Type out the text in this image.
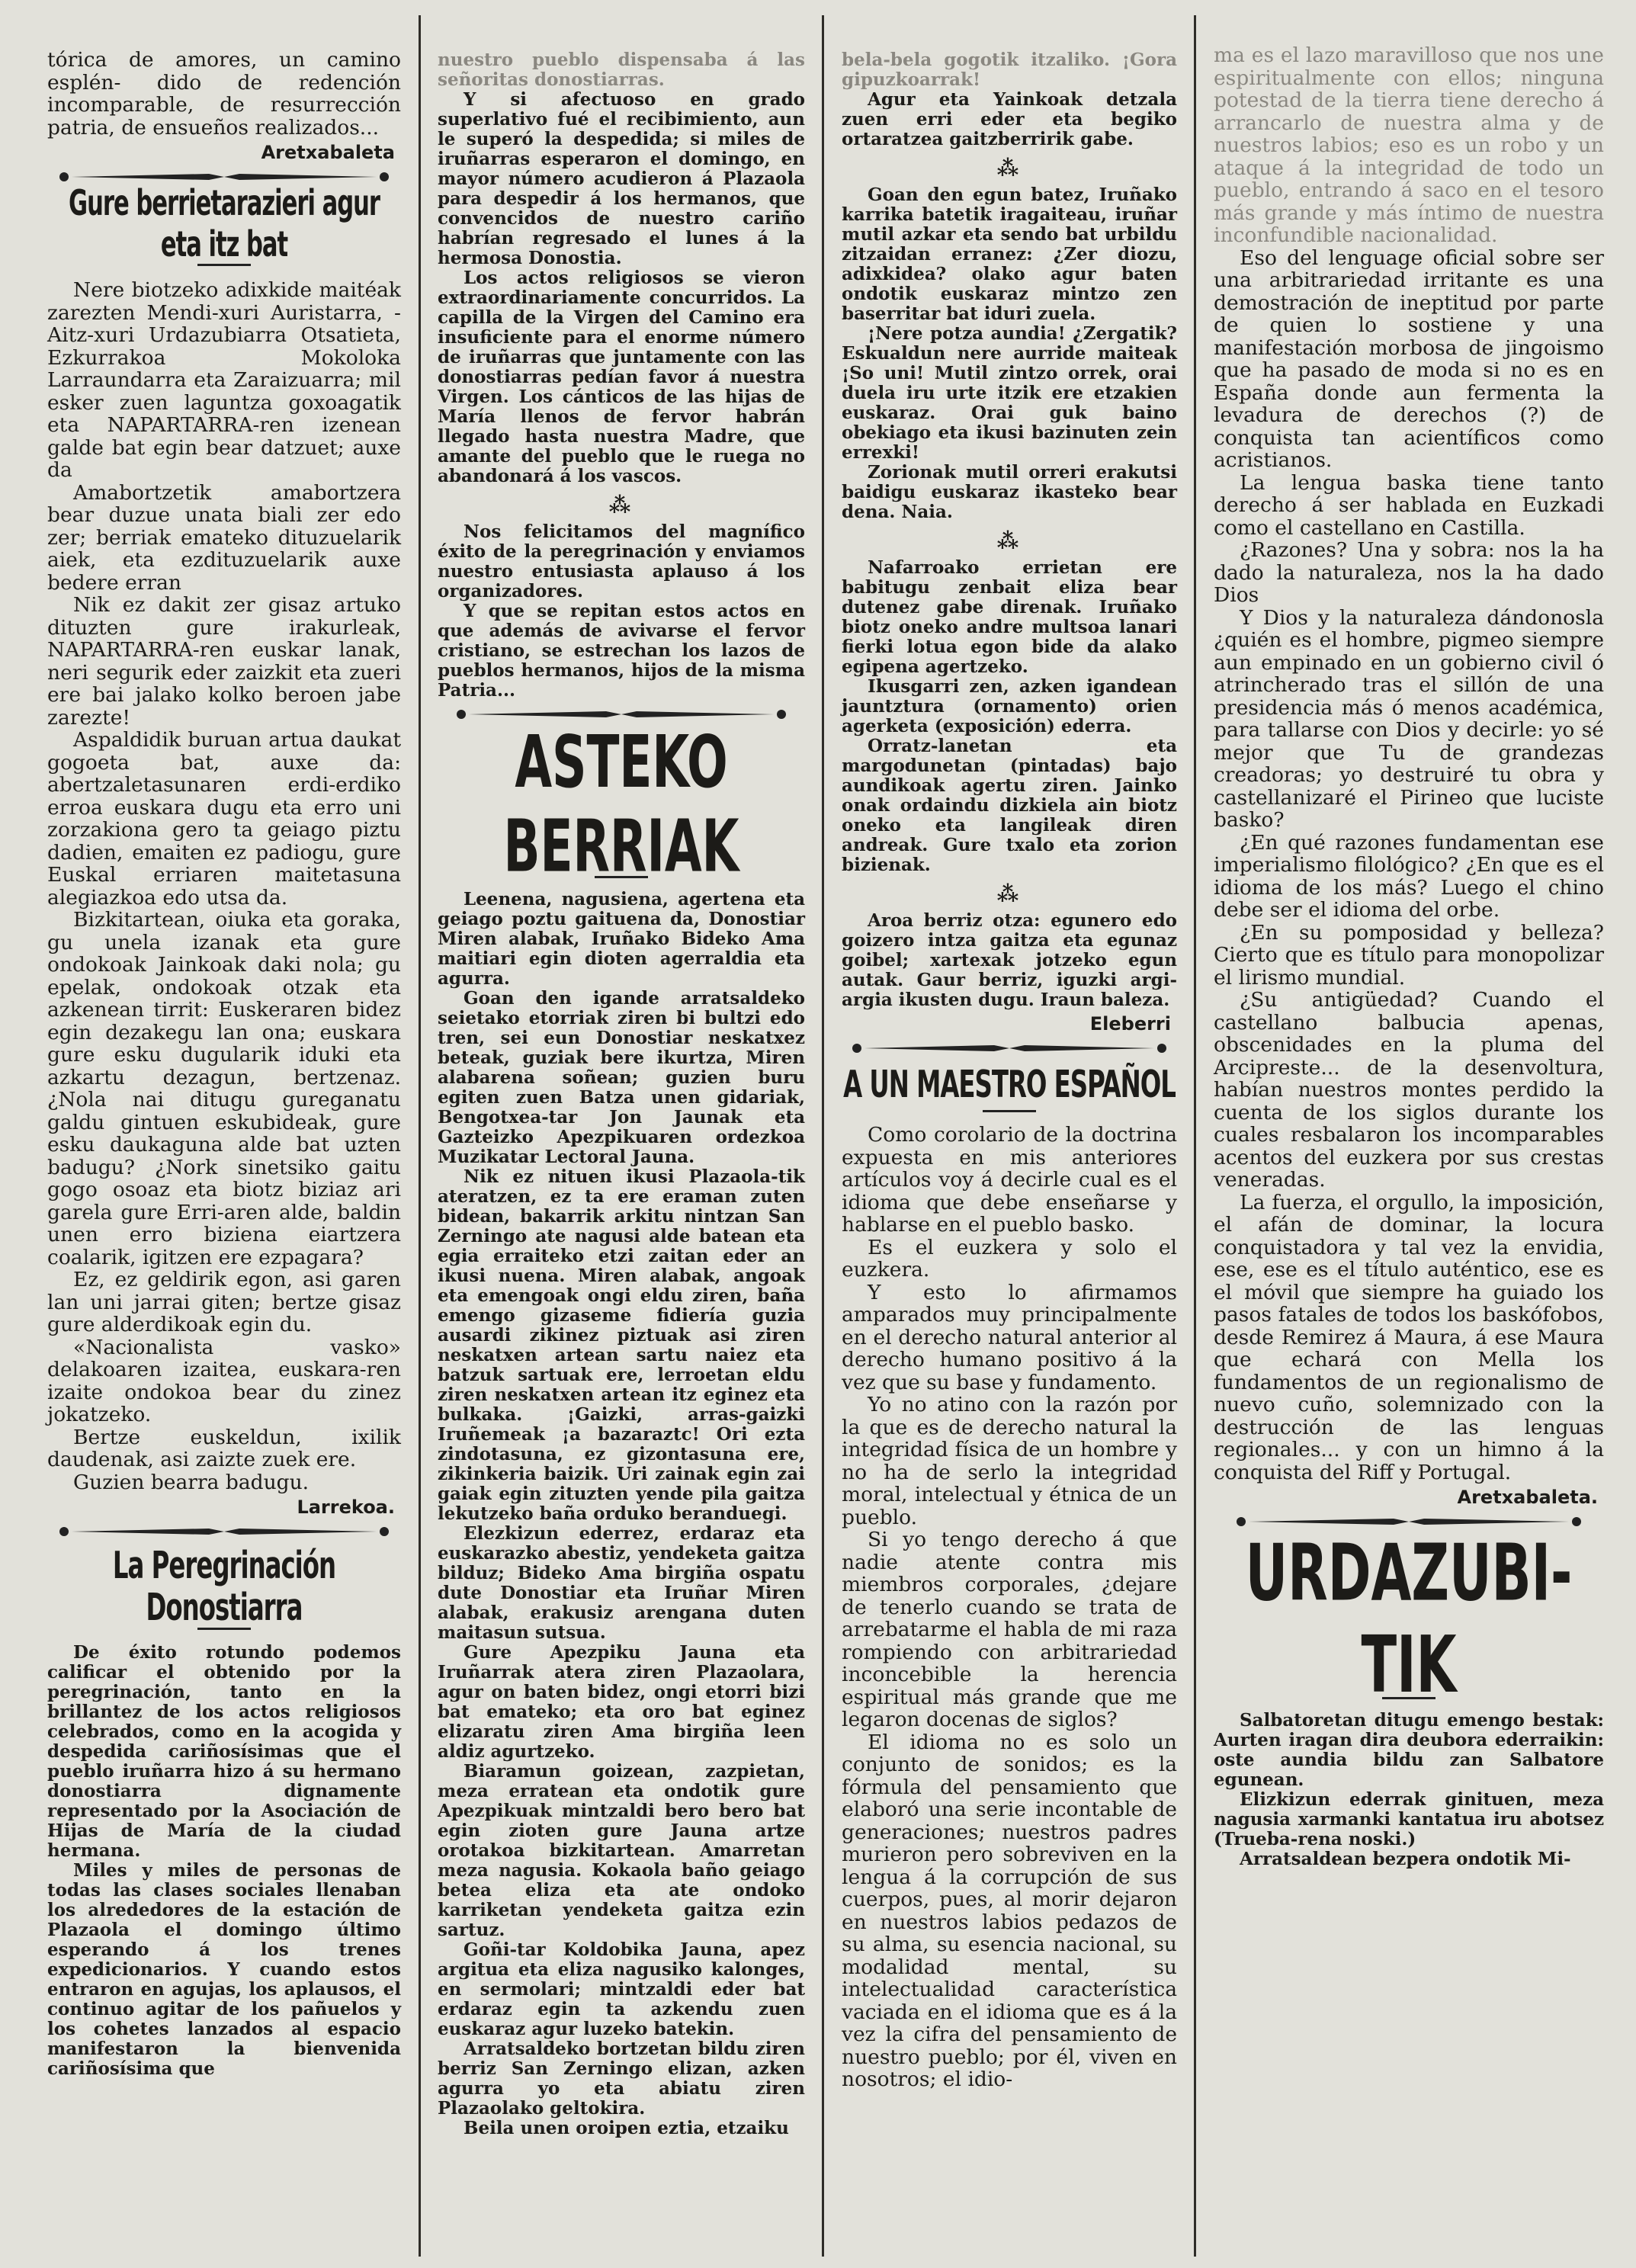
tórica de amores, un camino esplén- dido de redención incomparable, de resurrección patria, de ensueños realizados...

Aretxabaleta
Gure berrietarazieri agur eta itz bat

Nere biotzeko adixkide maitéak zarezten Mendi-xuri Auristarra, -Aitz-xuri Urdazubiarra Otsatieta, Ezkurrakoa Mokoloka Larraundarra eta Zaraizuarra; mil esker zuen laguntza goxoagatik eta NAPARTARRA-ren izenean galde bat egin bear datzuet; auxe da

Amabortzetik amabortzera bear duzue unata biali zer edo zer; berriak emateko dituzuelarik aiek, eta ezdituzuelarik auxe bedere erran

Nik ez dakit zer gisaz artuko dituzten gure irakurleak, NAPARTARRA-ren euskar lanak, neri segurik eder zaizkit eta zueri ere bai jalako kolko beroen jabe zarezte!

Aspaldidik buruan artua daukat gogoeta bat, auxe da: abertzaletasunaren erdi-erdiko erroa euskara dugu eta erro uni zorzakiona gero ta geiago piztu dadien, emaiten ez padiogu, gure Euskal erriaren maitetasuna alegiazkoa edo utsa da.

Bizkitartean, oiuka eta goraka, gu unela izanak eta gure ondokoak Jainkoak daki nola; gu epelak, ondokoak otzak eta azkenean tirrit: Euskeraren bidez egin dezakegu lan ona; euskara gure esku dugularik iduki eta azkartu dezagun, bertzenaz. ¿Nola nai ditugu gureganatu galdu gintuen eskubideak, gure esku daukaguna alde bat uzten badugu? ¿Nork sinetsiko gaitu gogo osoaz eta biotz biziaz ari garela gure Erri-aren alde, baldin unen erro biziena eiartzera coalarik, igitzen ere ezpagara?

Ez, ez geldirik egon, asi garen lan uni jarrai giten; bertze gisaz gure alderdikoak egin du.

«Nacionalista vasko» delakoaren izaitea, euskara-ren izaite ondokoa bear du zinez jokatzeko.

Bertze euskeldun, ixilik daudenak, asi zaizte zuek ere.

Guzien bearra badugu.

Larrekoa.
La Peregrinación Donostiarra

De éxito rotundo podemos calificar el obtenido por la peregrinación, tanto en la brillantez de los actos religiosos celebrados, como en la acogida y despedida cariñosísimas que el pueblo iruñarra hizo á su hermano donostiarra dignamente representado por la Asociación de Hijas de María de la ciudad hermana.

Miles y miles de personas de todas las clases sociales llenaban los alrededores de la estación de Plazaola el domingo último esperando á los trenes expedicionarios. Y cuando estos entraron en agujas, los aplausos, el continuo agitar de los pañuelos y los cohetes lanzados al espacio manifestaron la bienvenida cariñosísima que

nuestro pueblo dispensaba á las señoritas donostiarras.

Y si afectuoso en grado superlativo fué el recibimiento, aun le superó la despedida; si miles de iruñarras esperaron el domingo, en mayor número acudieron á Plazaola para despedir á los hermanos, que convencidos de nuestro cariño habrían regresado el lunes á la hermosa Donostia.

Los actos religiosos se vieron extraordinariamente concurridos. La capilla de la Virgen del Camino era insuficiente para el enorme número de iruñarras que juntamente con las donostiarras pedían favor á nuestra Virgen. Los cánticos de las hijas de María llenos de fervor habrán llegado hasta nuestra Madre, que amante del pueblo que le ruega no abandonará á los vascos.

⁂

Nos felicitamos del magnífico éxito de la peregrinación y enviamos nuestro entusiasta aplauso á los organizadores.

Y que se repitan estos actos en que además de avivarse el fervor cristiano, se estrechan los lazos de pueblos hermanos, hijos de la misma Patria...

ASTEKO BERRIAK

Leenena, nagusiena, agertena eta geiago poztu gaituena da, Donostiar Miren alabak, Iruñako Bideko Ama maitiari egin dioten agerraldia eta agurra.

Goan den igande arratsaldeko seietako etorriak ziren bi bultzi edo tren, sei eun Donostiar neskatxez beteak, guziak bere ikurtza, Miren alabarena soñean; guzien buru egiten zuen Batza unen gidariak, Bengotxea-tar Jon Jaunak eta Gazteizko Apezpikuaren ordezkoa Muzikatar Lectoral Jauna.

Nik ez nituen ikusi Plazaola-tik ateratzen, ez ta ere eraman zuten bidean, bakarrik arkitu nintzan San Zerningo ate nagusi alde batean eta egia erraiteko etzi zaitan eder an ikusi nuena. Miren alabak, angoak eta emengoak ongi eldu ziren, baña emengo gizaseme fidiería guzia ausardi zikinez piztuak asi ziren neskatxen artean sartu naiez eta batzuk sartuak ere, lerroetan eldu ziren neskatxen artean itz eginez eta bulkaka. ¡Gaizki, arras-gaizki Iruñemeak ¡a bazaraztc! Ori ezta zindotasuna, ez gizontasuna ere, zikinkeria baizik. Uri zainak egin zai gaiak egin zituzten yende pila gaitza lekutzeko baña orduko beranduegi.

Elezkizun ederrez, erdaraz eta euskarazko abestiz, yendeketa gaitza bilduz; Bideko Ama birgiña ospatu dute Donostiar eta Iruñar Miren alabak, erakusiz arengana duten maitasun sutsua.

Gure Apezpiku Jauna eta Iruñarrak atera ziren Plazaolara, agur on baten bidez, ongi etorri bizi bat emateko; eta oro bat eginez elizaratu ziren Ama birgiña leen aldiz agurtzeko.

Biaramun goizean, zazpietan, meza erratean eta ondotik gure Apezpikuak mintzaldi bero bero bat egin zioten gure Jauna artze orotakoa bizkitartean. Amarretan meza nagusia. Kokaola baño geiago betea eliza eta ate ondoko karriketan yendeketa gaitza ezin sartuz.

Goñi-tar Koldobika Jauna, apez argitua eta eliza nagusiko kalonges, en sermolari; mintzaldi eder bat erdaraz egin ta azkendu zuen euskaraz agur luzeko batekin.

Arratsaldeko bortzetan bildu ziren berriz San Zerningo elizan, azken agurra yo eta abiatu ziren Plazaolako geltokira.

Beila unen oroipen eztia, etzaiku

bela-bela gogotik itzaliko. ¡Gora gipuzkoarrak!

Agur eta Yainkoak detzala zuen erri eder eta begiko ortaratzea gaitzberririk gabe.

⁂

Goan den egun batez, Iruñako karrika batetik iragaiteau, iruñar mutil azkar eta sendo bat urbildu zitzaidan erranez: ¿Zer diozu, adixkidea? olako agur baten ondotik euskaraz mintzo zen baserritar bat iduri zuela.

¡Nere potza aundia! ¿Zergatik? Eskualdun nere aurride maiteak ¡So uni! Mutil zintzo orrek, orai duela iru urte itzik ere etzakien euskaraz. Orai guk baino obekiago eta ikusi bazinuten zein errexki!

Zorionak mutil orreri erakutsi baidigu euskaraz ikasteko bear dena. Naia.

⁂

Nafarroako errietan ere babitugu zenbait eliza bear dutenez gabe direnak. Iruñako biotz oneko andre multsoa lanari fierki lotua egon bide da alako egipena agertzeko.

Ikusgarri zen, azken igandean jauntztura (ornamento) orien agerketa (exposición) ederra.

Orratz-lanetan eta margodunetan (pintadas) bajo aundikoak agertu ziren. Jainko onak ordaindu dizkiela ain biotz oneko eta langileak diren andreak. Gure txalo eta zorion bizienak.

⁂

Aroa berriz otza: egunero edo goizero intza gaitza eta egunaz goibel; xartexak jotzeko egun autak. Gaur berriz, iguzki argi-argia ikusten dugu. Iraun baleza.

Eleberri
A UN MAESTRO ESPAÑOL

Como corolario de la doctrina expuesta en mis anteriores artículos voy á decirle cual es el idioma que debe enseñarse y hablarse en el pueblo basko.

Es el euzkera y solo el euzkera.

Y esto lo afirmamos amparados muy principalmente en el derecho natural anterior al derecho humano positivo á la vez que su base y fundamento.

Yo no atino con la razón por la que es de derecho natural la integridad física de un hombre y no ha de serlo la integridad moral, intelectual y étnica de un pueblo.

Si yo tengo derecho á que nadie atente contra mis miembros corporales, ¿dejare de tenerlo cuando se trata de arrebatarme el habla de mi raza rompiendo con arbitrariedad inconcebible la herencia espiritual más grande que me legaron docenas de siglos?

El idioma no es solo un conjunto de sonidos; es la fórmula del pensamiento que elaboró una serie incontable de generaciones; nuestros padres murieron pero sobreviven en la lengua á la corrupción de sus cuerpos, pues, al morir dejaron en nuestros labios pedazos de su alma, su esencia nacional, su modalidad mental, su intelectualidad característica vaciada en el idioma que es á la vez la cifra del pensamiento de nuestro pueblo; por él, viven en nosotros; el idio-

ma es el lazo maravilloso que nos une espiritualmente con ellos; ninguna potestad de la tierra tiene derecho á arrancarlo de nuestra alma y de nuestros labios; eso es un robo y un ataque á la integridad de todo un pueblo, entrando á saco en el tesoro más grande y más íntimo de nuestra inconfundible nacionalidad.

Eso del lenguage oficial sobre ser una arbitrariedad irritante es una demostración de ineptitud por parte de quien lo sostiene y una manifestación morbosa de jingoismo que ha pasado de moda si no es en España donde aun fermenta la levadura de derechos (?) de conquista tan acientíficos como acristianos.

La lengua baska tiene tanto derecho á ser hablada en Euzkadi como el castellano en Castilla.

¿Razones? Una y sobra: nos la ha dado la naturaleza, nos la ha dado Dios

Y Dios y la naturaleza dándonosla ¿quién es el hombre, pigmeo siempre aun empinado en un gobierno civil ó atrincherado tras el sillón de una presidencia más ó menos académica, para tallarse con Dios y decirle: yo sé mejor que Tu de grandezas creadoras; yo destruiré tu obra y castellanizaré el Pirineo que luciste basko?

¿En qué razones fundamentan ese imperialismo filológico? ¿En que es el idioma de los más? Luego el chino debe ser el idioma del orbe.

¿En su pomposidad y belleza? Cierto que es título para monopolizar el lirismo mundial.

¿Su antigüedad? Cuando el castellano balbucia apenas, obscenidades en la pluma del Arcipreste... de la desenvoltura, habían nuestros montes perdido la cuenta de los siglos durante los cuales resbalaron los incomparables acentos del euzkera por sus crestas veneradas.

La fuerza, el orgullo, la imposición, el afán de dominar, la locura conquistadora y tal vez la envidia, ese, ese es el título auténtico, ese es el móvil que siempre ha guiado los pasos fatales de todos los baskófobos, desde Remirez á Maura, á ese Maura que echará con Mella los fundamentos de un regionalismo de nuevo cuño, solemnizado con la destrucción de las lenguas regionales... y con un himno á la conquista del Riff y Portugal.

Aretxabaleta.
URDAZUBI-TIK

Salbatoretan ditugu emengo bestak: Aurten iragan dira deubora ederraikin: oste aundia bildu zan Salbatore egunean.

Elizkizun ederrak ginituen, meza nagusia xarmanki kantatua iru abotsez (Trueba-rena noski.)

Arratsaldean bezpera ondotik Mi-
